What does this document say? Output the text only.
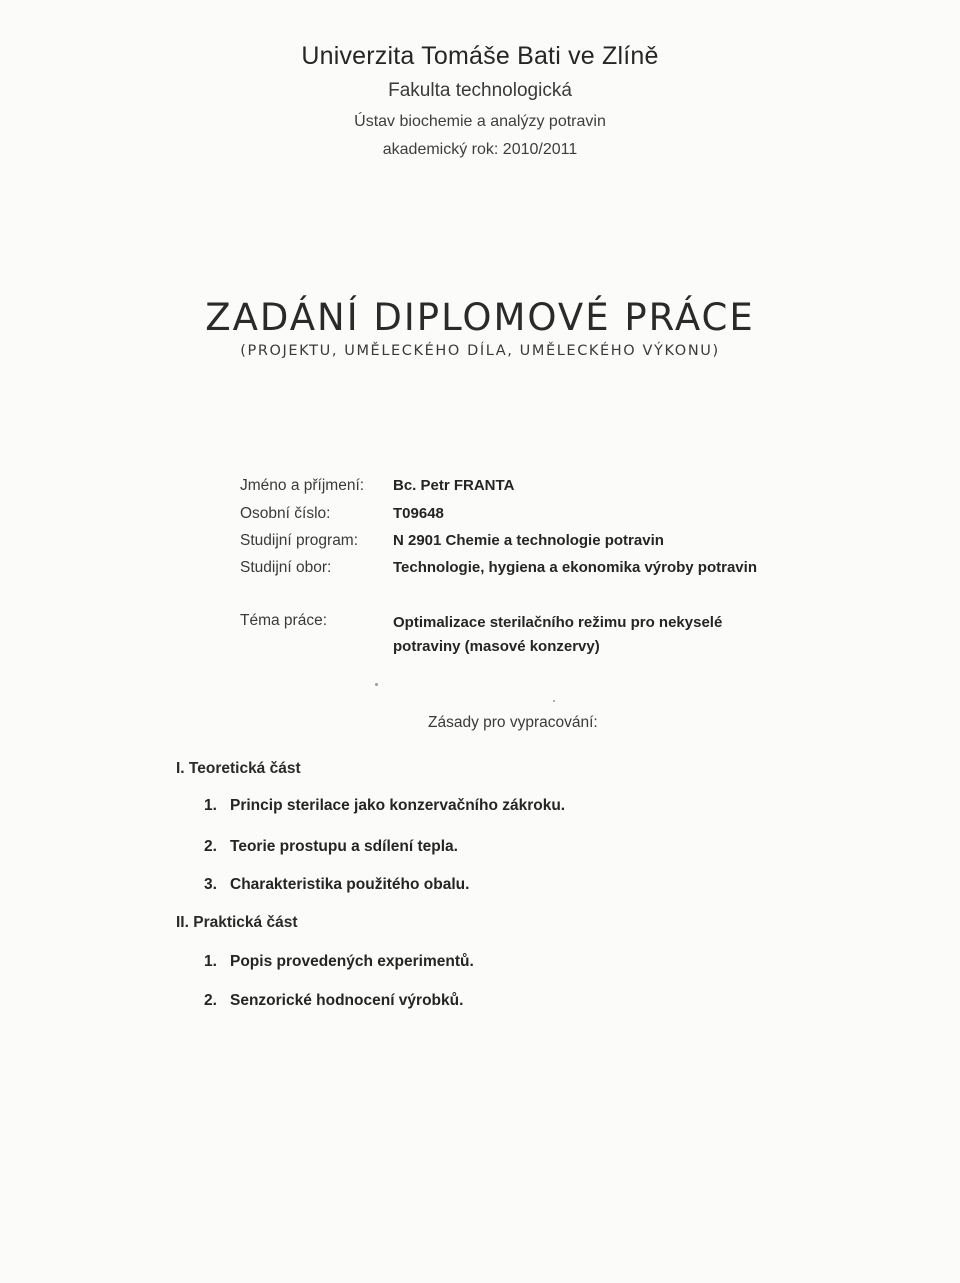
Univerzita Tomáše Bati ve Zlíně
Fakulta technologická
Ústav biochemie a analýzy potravin
akademický rok: 2010/2011
ZADÁNÍ DIPLOMOVÉ PRÁCE
(PROJEKTU, UMĚLECKÉHO DÍLA, UMĚLECKÉHO VÝKONU)
Jméno a příjmení: Bc. Petr FRANTA
Osobní číslo:	T09648
Studijní program: N 2901 Chemie a technologie potravin
Studijní obor:	Technologie, hygiena a ekonomika výroby potravin
Téma práce:	Optimalizace sterilačního režimu pro nekyselé
potraviny (masové konzervy)
Zásady pro vypracování:
I. Teoretická část
1. Princip sterilace jako konzervačního zákroku.
2. Teorie prostupu a sdílení tepla.
3. Charakteristika použitého obalu.
II. Praktická část
1. Popis provedených experimentů.
2. Senzorické hodnocení výrobků.
